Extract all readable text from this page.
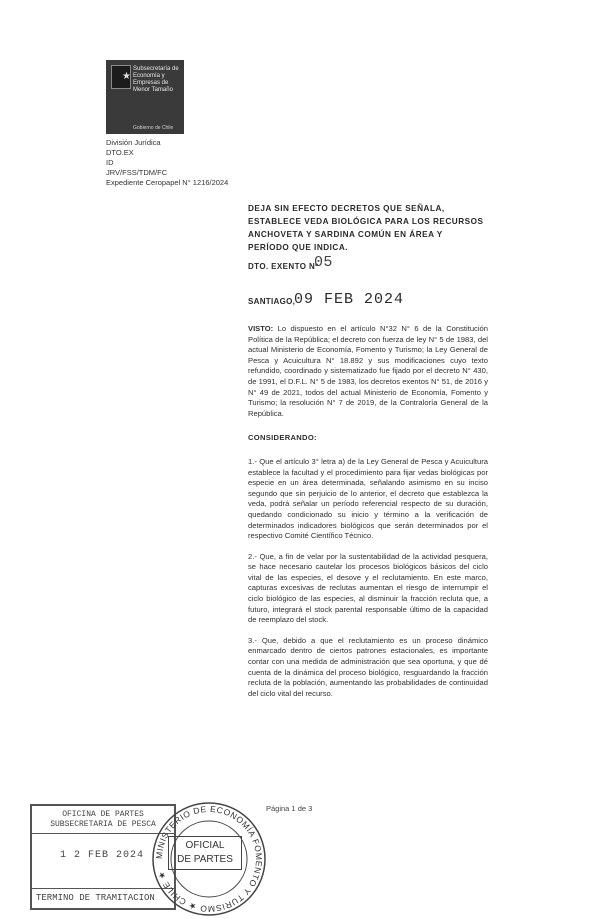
★
Subsecretaría de Economía y Empresas de Menor Tamaño
Gobierno de Chile
División Jurídica
DTO.EX
ID
JRV/FSS/TDM/FC
Expediente Ceropapel N° 1216/2024
DEJA SIN EFECTO DECRETOS QUE SEÑALA, ESTABLECE VEDA BIOLÓGICA PARA LOS RECURSOS ANCHOVETA Y SARDINA COMÚN EN ÁREA Y PERÍODO QUE INDICA.
DTO. EXENTO Nº
05
SANTIAGO,
09 FEB 2024

VISTO: Lo dispuesto en el artículo N°32 N° 6 de la Constitución Política de la República; el decreto con fuerza de ley N° 5 de 1983, del actual Ministerio de Economía, Fomento y Turismo; la Ley General de Pesca y Acuicultura N° 18.892 y sus modificaciones cuyo texto refundido, coordinado y sistematizado fue fijado por el decreto N° 430, de 1991, el D.F.L. N° 5 de 1983, los decretos exentos N° 51, de 2016 y N° 49 de 2021, todos del actual Ministerio de Economía, Fomento y Turismo; la resolución N° 7 de 2019, de la Contraloría General de la República.

CONSIDERANDO:

1.- Que el artículo 3° letra a) de la Ley General de Pesca y Acuicultura establece la facultad y el procedimiento para fijar vedas biológicas por especie en un área determinada, señalando asimismo en su inciso segundo que sin perjuicio de lo anterior, el decreto que establezca la veda, podrá señalar un período referencial respecto de su duración, quedando condicionado su inicio y término a la verificación de determinados indicadores biológicos que serán determinados por el respectivo Comité Científico Técnico.

2.- Que, a fin de velar por la sustentabilidad de la actividad pesquera, se hace necesario cautelar los procesos biológicos básicos del ciclo vital de las especies, el desove y el reclutamiento. En este marco, capturas excesivas de reclutas aumentan el riesgo de interrumpir el ciclo biológico de las especies, al disminuir la fracción recluta que, a futuro, integrará el stock parental responsable último de la capacidad de reemplazo del stock.

3.- Que, debido a que el reclutamiento es un proceso dinámico enmarcado dentro de ciertos patrones estacionales, es importante contar con una medida de administración que sea oportuna, y que dé cuenta de la dinámica del proceso biológico, resguardando la fracción recluta de la población, aumentando las probabilidades de continuidad del ciclo vital del recurso.

Página 1 de 3
OFICINA DE PARTES
SUBSECRETARIA DE PESCA
1 2 FEB 2024
TERMINO DE TRAMITACION
MINISTERIO DE ECONOMÍA FOMENTO Y TURISMO ★ CHILE ★
OFICIAL
DE PARTES
